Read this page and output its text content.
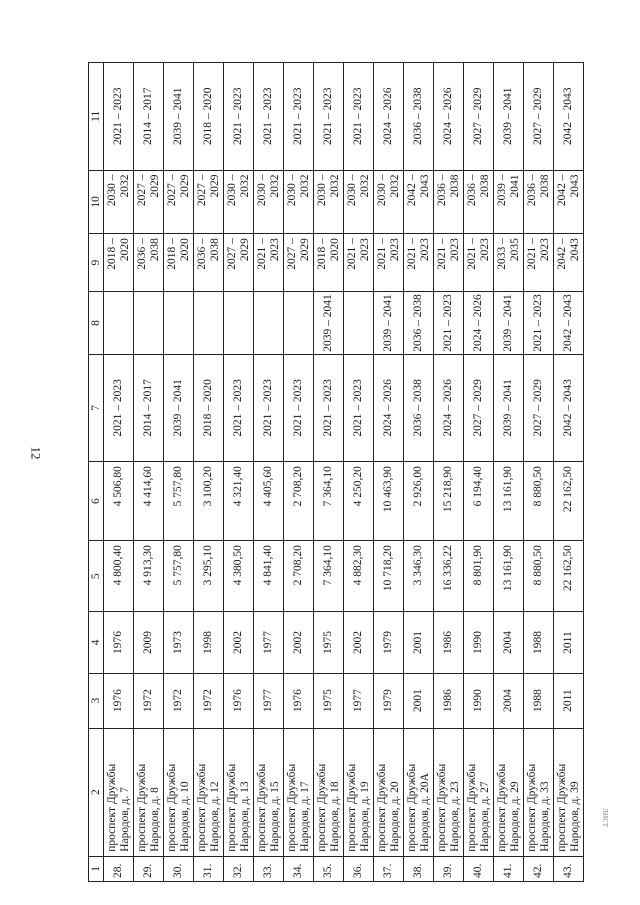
12
лист
1	2	3	4	5	6	7	8	9	10	11
28.	проспект Дружбы Народов, д. 7	1976	1976	4 800,40	4 506,80	2021 – 2023		2018 – 2020	2030 – 2032	2021 – 2023
29.	проспект Дружбы Народов, д. 8	1972	2009	4 913,30	4 414,60	2014 – 2017		2036 – 2038	2027 – 2029	2014 – 2017
30.	проспект Дружбы Народов, д. 10	1972	1973	5 757,80	5 757,80	2039 – 2041		2018 – 2020	2027 – 2029	2039 – 2041
31.	проспект Дружбы Народов, д. 12	1972	1998	3 295,10	3 100,20	2018 – 2020		2036 – 2038	2027 – 2029	2018 – 2020
32.	проспект Дружбы Народов, д. 13	1976	2002	4 380,50	4 321,40	2021 – 2023		2027 – 2029	2030 – 2032	2021 – 2023
33.	проспект Дружбы Народов, д. 15	1977	1977	4 841,40	4 405,60	2021 – 2023		2021 – 2023	2030 – 2032	2021 – 2023
34.	проспект Дружбы Народов, д. 17	1976	2002	2 708,20	2 708,20	2021 – 2023		2027 – 2029	2030 – 2032	2021 – 2023
35.	проспект Дружбы Народов, д. 18	1975	1975	7 364,10	7 364,10	2021 – 2023	2039 – 2041	2018 – 2020	2030 – 2032	2021 – 2023
36.	проспект Дружбы Народов, д. 19	1977	2002	4 882,30	4 250,20	2021 – 2023		2021 – 2023	2030 – 2032	2021 – 2023
37.	проспект Дружбы Народов, д. 20	1979	1979	10 718,20	10 463,90	2024 – 2026	2039 – 2041	2021 – 2023	2030 – 2032	2024 – 2026
38.	проспект Дружбы Народов, д. 20А	2001	2001	3 346,30	2 926,00	2036 – 2038	2036 – 2038	2021 – 2023	2042 – 2043	2036 – 2038
39.	проспект Дружбы Народов, д. 23	1986	1986	16 336,22	15 218,90	2024 – 2026	2021 – 2023	2021 – 2023	2036 – 2038	2024 – 2026
40.	проспект Дружбы Народов, д. 27	1990	1990	8 801,90	6 194,40	2027 – 2029	2024 – 2026	2021 – 2023	2036 – 2038	2027 – 2029
41.	проспект Дружбы Народов, д. 29	2004	2004	13 161,90	13 161,90	2039 – 2041	2039 – 2041	2033 – 2035	2039 – 2041	2039 – 2041
42.	проспект Дружбы Народов, д. 33	1988	1988	8 880,50	8 880,50	2027 – 2029	2021 – 2023	2021 – 2023	2036 – 2038	2027 – 2029
43.	проспект Дружбы Народов, д. 39	2011	2011	22 162,50	22 162,50	2042 – 2043	2042 – 2043	2042 – 2043	2042 – 2043	2042 – 2043
